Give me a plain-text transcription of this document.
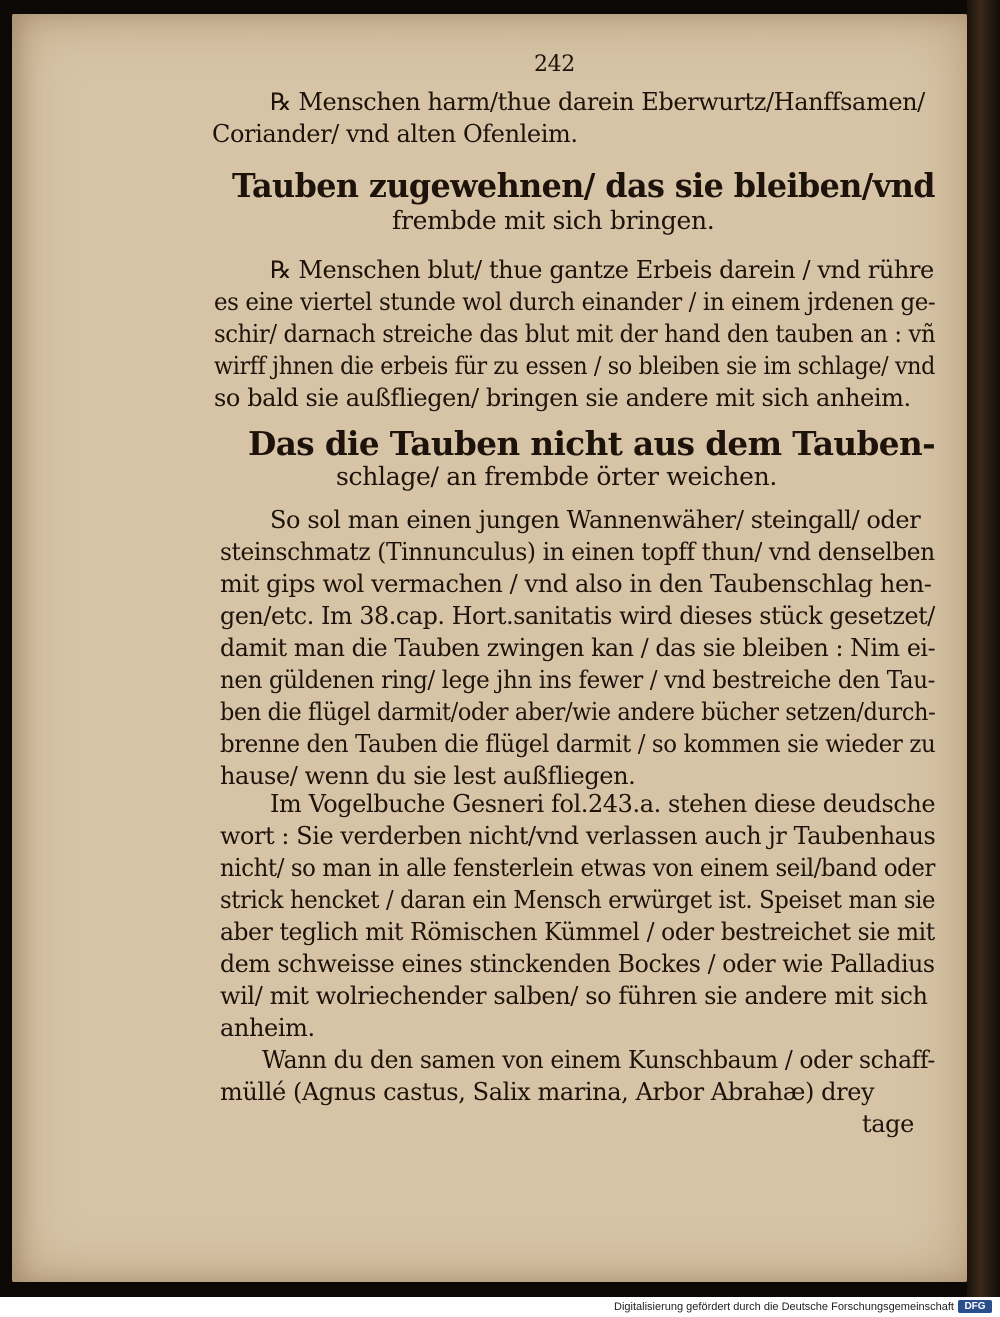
242
℞ Menschen harm/thue darein Eberwurtz/Hanffsamen/
Coriander/ vnd alten Ofenleim.
Tauben zugewehnen/ das sie bleiben/vnd
frembde mit sich bringen.
℞ Menschen blut/ thue gantze Erbeis darein / vnd rühre
es eine viertel stunde wol durch einander / in einem jrdenen ge-
schir/ darnach streiche das blut mit der hand den tauben an : vñ
wirff jhnen die erbeis für zu essen / so bleiben sie im schlage/ vnd
so bald sie außfliegen/ bringen sie andere mit sich anheim.
Das die Tauben nicht aus dem Tauben-
schlage/ an frembde örter weichen.
So sol man einen jungen Wannenwäher/ steingall/ oder
steinschmatz (Tinnunculus) in einen topff thun/ vnd denselben
mit gips wol vermachen / vnd also in den Taubenschlag hen-
gen/etc. Im 38.cap. Hort.sanitatis wird dieses stück gesetzet/
damit man die Tauben zwingen kan / das sie bleiben : Nim ei-
nen güldenen ring/ lege jhn ins fewer / vnd bestreiche den Tau-
ben die flügel darmit/oder aber/wie andere bücher setzen/durch-
brenne den Tauben die flügel darmit / so kommen sie wieder zu
hause/ wenn du sie lest außfliegen.
Im Vogelbuche Gesneri fol.243.a. stehen diese deudsche
wort : Sie verderben nicht/vnd verlassen auch jr Taubenhaus
nicht/ so man in alle fensterlein etwas von einem seil/band oder
strick hencket / daran ein Mensch erwürget ist. Speiset man sie
aber teglich mit Römischen Kümmel / oder bestreichet sie mit
dem schweisse eines stinckenden Bockes / oder wie Palladius
wil/ mit wolriechender salben/ so führen sie andere mit sich
anheim.
Wann du den samen von einem Kunschbaum / oder schaff-
müllé (Agnus castus, Salix marina, Arbor Abrahæ) drey
tage
Digitalisierung gefördert durch die Deutsche Forschungsgemeinschaft	DFG
